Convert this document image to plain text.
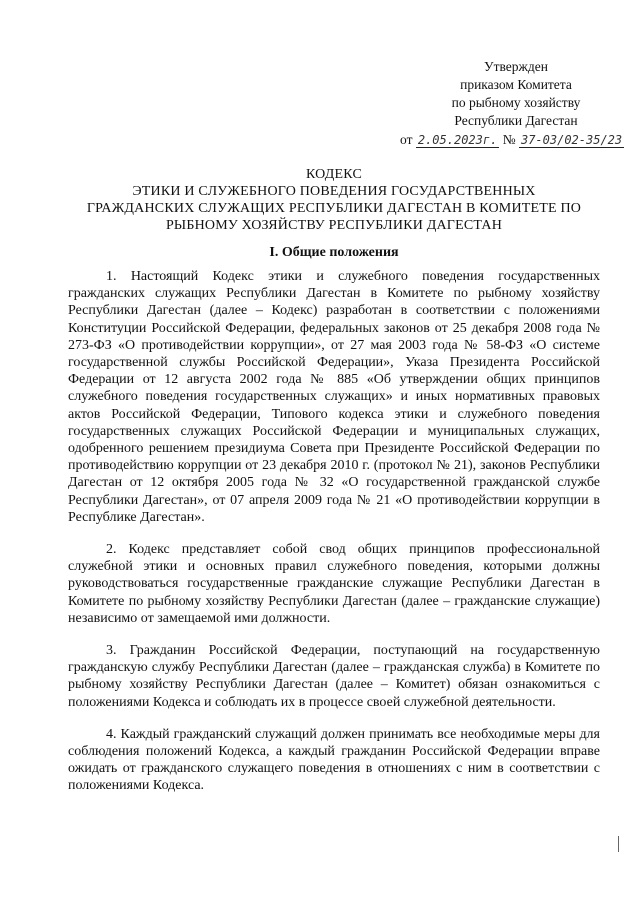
Утвержден
приказом Комитета
по рыбному хозяйству
Республики Дагестан
от 2.05.2023г. № 37-03/02-35/23
КОДЕКС
ЭТИКИ И СЛУЖЕБНОГО ПОВЕДЕНИЯ ГОСУДАРСТВЕННЫХ
ГРАЖДАНСКИХ СЛУЖАЩИХ РЕСПУБЛИКИ ДАГЕСТАН В КОМИТЕТЕ ПО
РЫБНОМУ ХОЗЯЙСТВУ РЕСПУБЛИКИ ДАГЕСТАН
I. Общие положения

1. Настоящий Кодекс этики и служебного поведения государственных гражданских служащих Республики Дагестан в Комитете по рыбному хозяйству Республики Дагестан (далее – Кодекс) разработан в соответствии с положениями Конституции Российской Федерации, федеральных законов от 25 декабря 2008 года № 273-ФЗ «О противодействии коррупции», от 27 мая 2003 года № 58-ФЗ «О системе государственной службы Российской Федерации», Указа Президента Российской Федерации от 12 августа 2002 года № 885 «Об утверждении общих принципов служебного поведения государственных служащих» и иных нормативных правовых актов Российской Федерации, Типового кодекса этики и служебного поведения государственных служащих Российской Федерации и муниципальных служащих, одобренного решением президиума Совета при Президенте Российской Федерации по противодействию коррупции от 23 декабря 2010 г. (протокол № 21), законов Республики Дагестан от 12 октября 2005 года № 32 «О государственной гражданской службе Республики Дагестан», от 07 апреля 2009 года № 21 «О противодействии коррупции в Республике Дагестан».

2. Кодекс представляет собой свод общих принципов профессиональной служебной этики и основных правил служебного поведения, которыми должны руководствоваться государственные гражданские служащие Республики Дагестан в Комитете по рыбному хозяйству Республики Дагестан (далее – гражданские служащие) независимо от замещаемой ими должности.

3. Гражданин Российской Федерации, поступающий на государственную гражданскую службу Республики Дагестан (далее – гражданская служба) в Комитете по рыбному хозяйству Республики Дагестан (далее – Комитет) обязан ознакомиться с положениями Кодекса и соблюдать их в процессе своей служебной деятельности.

4. Каждый гражданский служащий должен принимать все необходимые меры для соблюдения положений Кодекса, а каждый гражданин Российской Федерации вправе ожидать от гражданского служащего поведения в отношениях с ним в соответствии с положениями Кодекса.
